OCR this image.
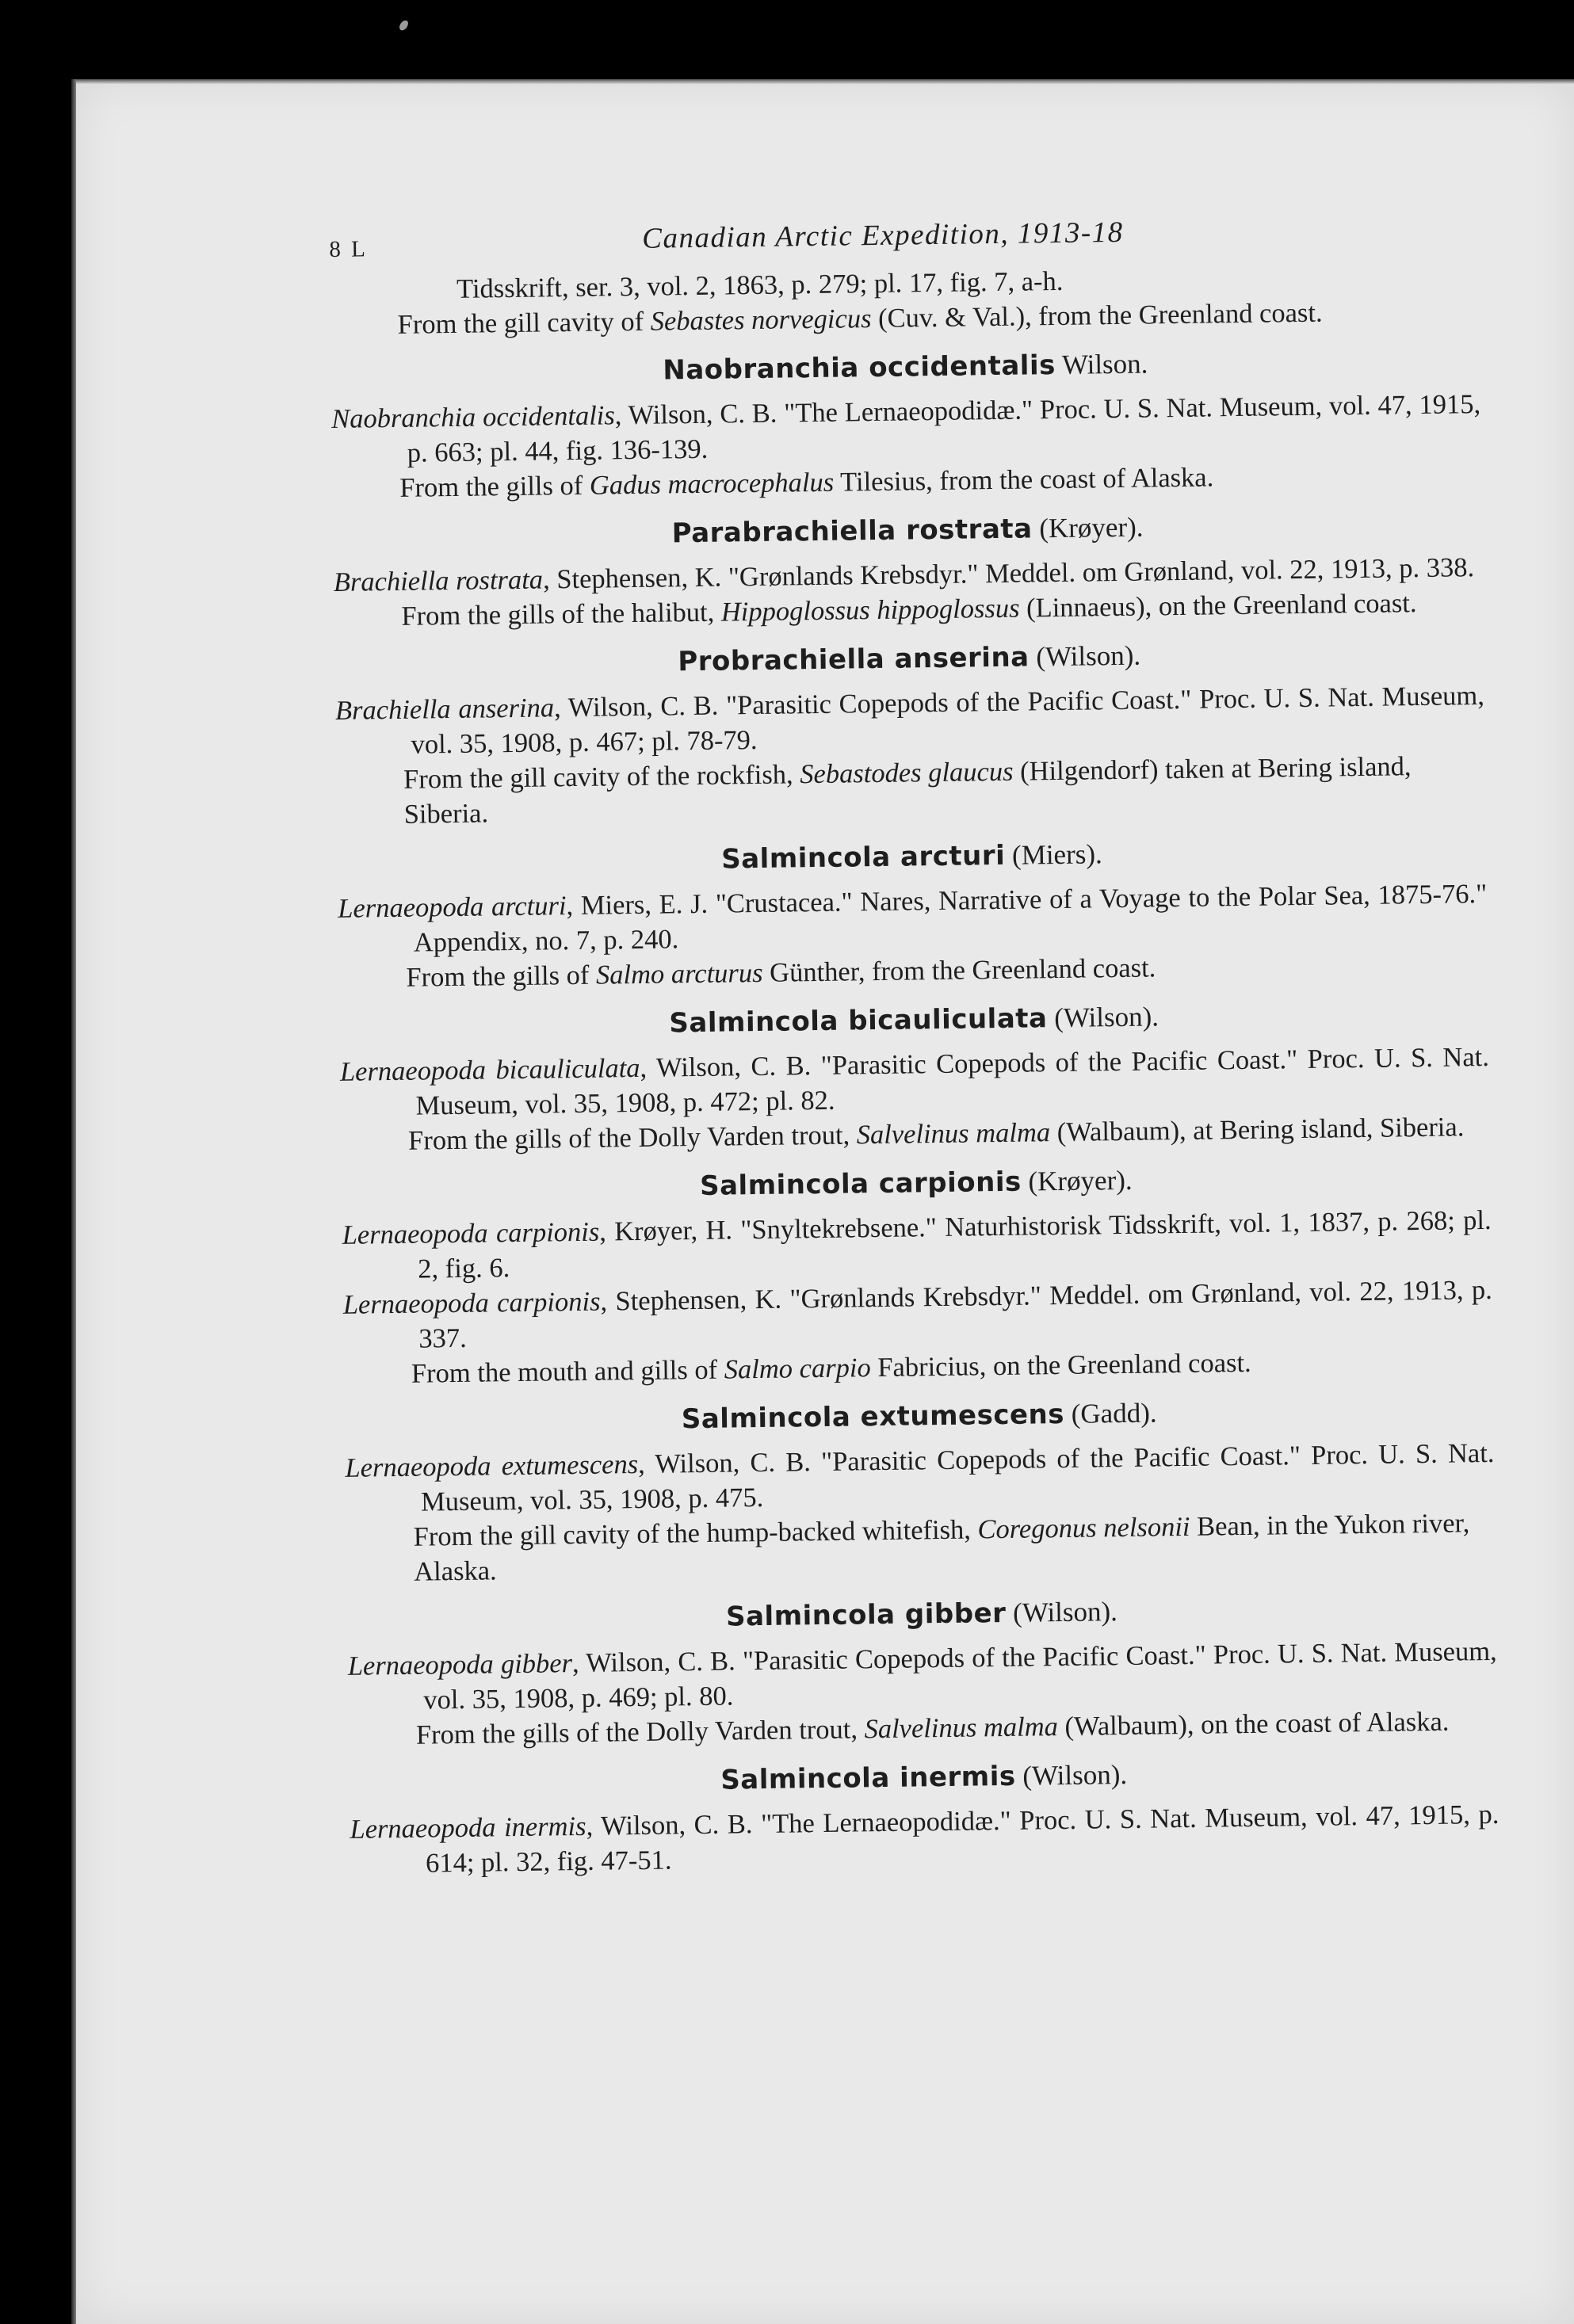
8 L	Canadian Arctic Expedition, 1913-18

Tidsskrift, ser. 3, vol. 2, 1863, p. 279; pl. 17, fig. 7, a-h.

From the gill cavity of Sebastes norvegicus (Cuv. & Val.), from the Greenland coast.

Naobranchia occidentalis Wilson.

Naobranchia occidentalis, Wilson, C. B. "The Lernaeopodidæ." Proc. U. S. Nat. Museum, vol. 47, 1915, p. 663; pl. 44, fig. 136-139.

From the gills of Gadus macrocephalus Tilesius, from the coast of Alaska.

Parabrachiella rostrata (Krøyer).

Brachiella rostrata, Stephensen, K. "Grønlands Krebsdyr." Meddel. om Grønland, vol. 22, 1913, p. 338.

From the gills of the halibut, Hippoglossus hippoglossus (Linnaeus), on the Greenland coast.

Probrachiella anserina (Wilson).

Brachiella anserina, Wilson, C. B. "Parasitic Copepods of the Pacific Coast." Proc. U. S. Nat. Museum, vol. 35, 1908, p. 467; pl. 78-79.

From the gill cavity of the rockfish, Sebastodes glaucus (Hilgendorf) taken at Bering island, Siberia.

Salmincola arcturi (Miers).

Lernaeopoda arcturi, Miers, E. J. "Crustacea." Nares, Narrative of a Voyage to the Polar Sea, 1875-76." Appendix, no. 7, p. 240.

From the gills of Salmo arcturus Günther, from the Greenland coast.

Salmincola bicauliculata (Wilson).

Lernaeopoda bicauliculata, Wilson, C. B. "Parasitic Copepods of the Pacific Coast." Proc. U. S. Nat. Museum, vol. 35, 1908, p. 472; pl. 82.

From the gills of the Dolly Varden trout, Salvelinus malma (Walbaum), at Bering island, Siberia.

Salmincola carpionis (Krøyer).

Lernaeopoda carpionis, Krøyer, H. "Snyltekrebsene." Naturhistorisk Tidsskrift, vol. 1, 1837, p. 268; pl. 2, fig. 6.

Lernaeopoda carpionis, Stephensen, K. "Grønlands Krebsdyr." Meddel. om Grønland, vol. 22, 1913, p. 337.

From the mouth and gills of Salmo carpio Fabricius, on the Greenland coast.

Salmincola extumescens (Gadd).

Lernaeopoda extumescens, Wilson, C. B. "Parasitic Copepods of the Pacific Coast." Proc. U. S. Nat. Museum, vol. 35, 1908, p. 475.

From the gill cavity of the hump-backed whitefish, Coregonus nelsonii Bean, in the Yukon river, Alaska.

Salmincola gibber (Wilson).

Lernaeopoda gibber, Wilson, C. B. "Parasitic Copepods of the Pacific Coast." Proc. U. S. Nat. Museum, vol. 35, 1908, p. 469; pl. 80.

From the gills of the Dolly Varden trout, Salvelinus malma (Walbaum), on the coast of Alaska.

Salmincola inermis (Wilson).

Lernaeopoda inermis, Wilson, C. B. "The Lernaeopodidæ." Proc. U. S. Nat. Museum, vol. 47, 1915, p. 614; pl. 32, fig. 47-51.
